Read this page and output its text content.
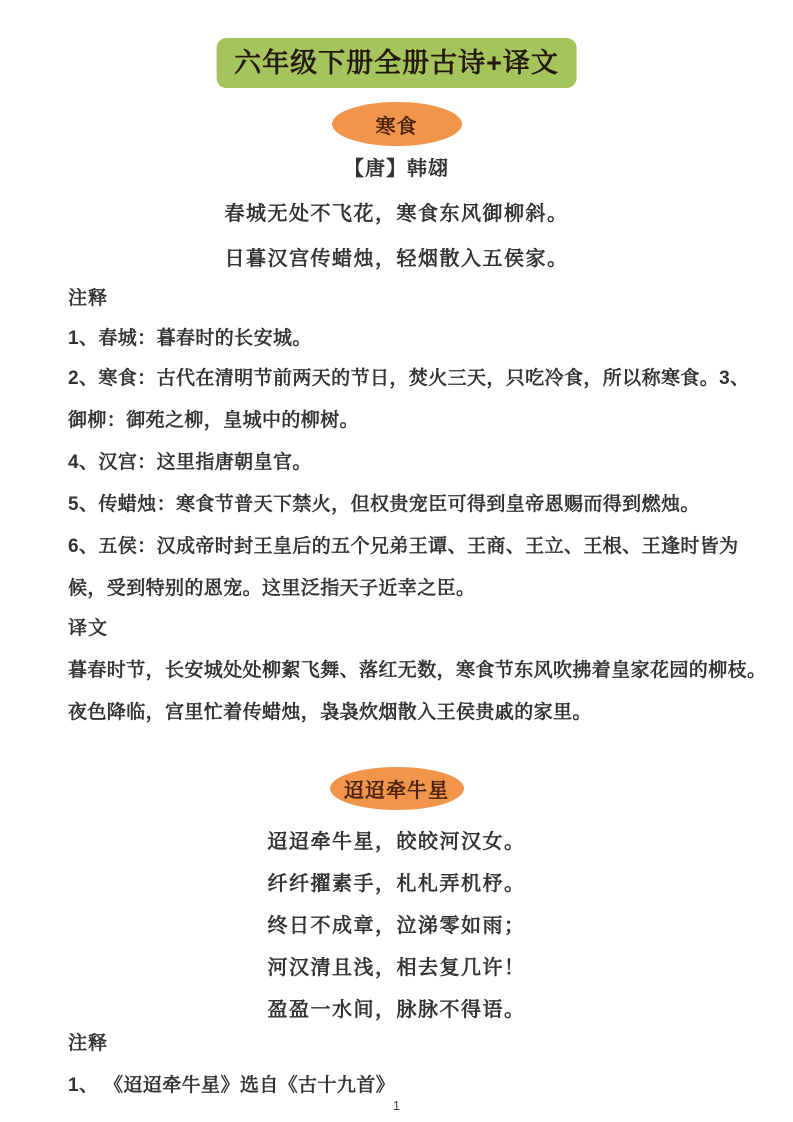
六年级下册全册古诗+译文
寒食
【唐】韩翃
春城无处不飞花，寒食东风御柳斜。
日暮汉宫传蜡烛，轻烟散入五侯家。
注释
1、春城：暮春时的长安城。
2、寒食：古代在清明节前两天的节日，焚火三天，只吃冷食，所以称寒食。3、
御柳：御苑之柳，皇城中的柳树。
4、汉宫：这里指唐朝皇官。
5、传蜡烛：寒食节普天下禁火，但权贵宠臣可得到皇帝恩赐而得到燃烛。
6、五侯：汉成帝时封王皇后的五个兄弟王谭、王商、王立、王根、王逢时皆为
候，受到特别的恩宠。这里泛指天子近幸之臣。
译文
暮春时节，长安城处处柳絮飞舞、落红无数，寒食节东风吹拂着皇家花园的柳枝。
夜色降临，宫里忙着传蜡烛，袅袅炊烟散入王侯贵戚的家里。
迢迢牵牛星
迢迢牵牛星，皎皎河汉女。
纤纤擢素手，札札弄机杼。
终日不成章，泣涕零如雨；
河汉清且浅，相去复几许！
盈盈一水间，脉脉不得语。
注释
1、 《迢迢牵牛星》选自《古十九首》
1
